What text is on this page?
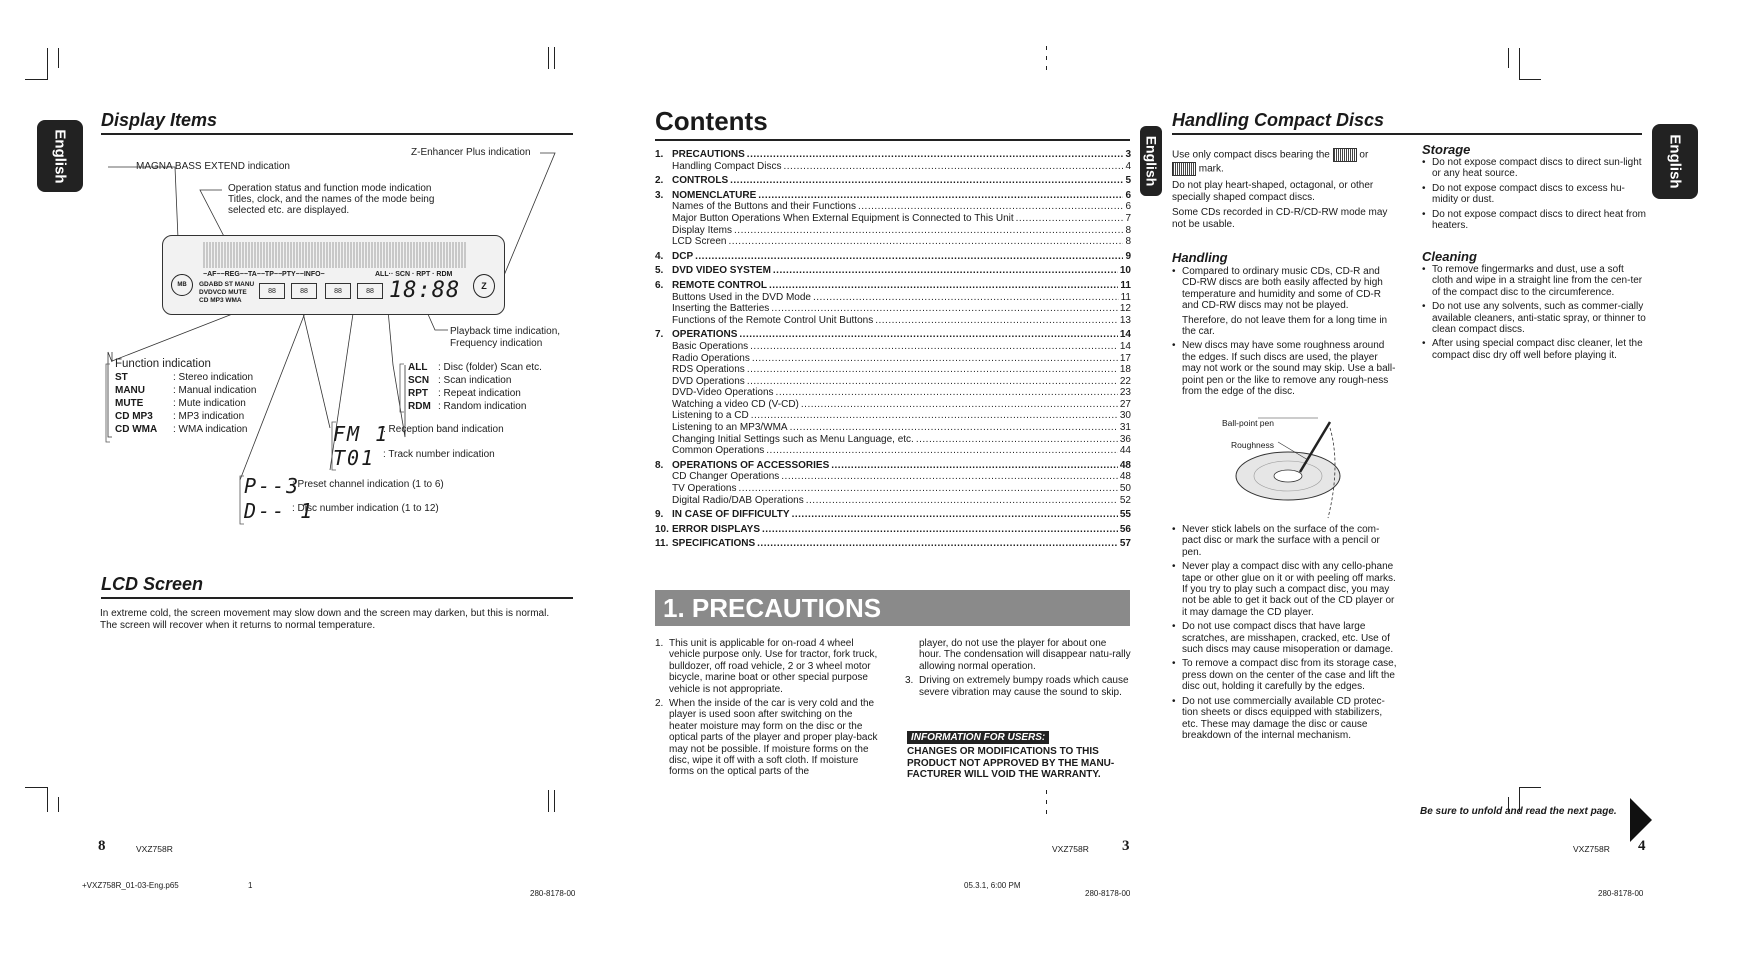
English
Display Items
Z-Enhancer Plus indication
MAGNA BASS EXTEND indication
Operation status and function mode indication
Titles, clock, and the names of the mode being
selected etc. are displayed.
MB	Z
−AF−−REG−−TA−−TP−−PTY−−INFO−	ALL·· SCN · RPT · RDM
GDABD ST MANU
DVDVCD MUTE
CD MP3 WMA
88	88	88	88 18:88
Playback time indication,
Frequency indication
Function indication
ST	: Stereo indication
MANU	: Manual indication
MUTE	: Mute indication
CD MP3	: MP3 indication
CD WMA	: WMA indication
ALL	: Disc (folder) Scan etc.
SCN : Scan indication
RPT	: Repeat indication
RDM : Random indication
FM 1
: Reception band indication
T01 : Track number indication
P--3
: Preset channel indication (1 to 6)
D-- 1
: Disc number indication (1 to 12)
LCD Screen
In extreme cold, the screen movement may slow down and the screen may darken, but this is normal.
The screen will recover when it returns to normal temperature.
8	VXZ758R
+VXZ758R_01-03-Eng.p65	1
Contents
1. PRECAUTIONS .....	3
Handling Compact Discs .....	4
2. CONTROLS .....	5
3. NOMENCLATURE .....	6
Names of the Buttons and their Functions .....	6
Major Button Operations When External Equipment is Connected to This Unit .....	7
Display Items .....	8
LCD Screen .....	8
4. DCP .....	9
5. DVD VIDEO SYSTEM .....	10
6. REMOTE CONTROL .....	11
Buttons Used in the DVD Mode .....	11
Inserting the Batteries .....	12
Functions of the Remote Control Unit Buttons .....	13
7. OPERATIONS .....	14
Basic Operations .....	14
Radio Operations .....	17
RDS Operations .....	18
DVD Operations .....	22
DVD-Video Operations .....	23
Watching a video CD (V-CD) .....	27
Listening to a CD .....	30
Listening to an MP3/WMA .....	31
Changing Initial Settings such as Menu Language, etc. .....	36
Common Operations .....	44
8. OPERATIONS OF ACCESSORIES .....	48
CD Changer Operations .....	48
TV Operations .....	50
Digital Radio/DAB Operations .....	52
9. IN CASE OF DIFFICULTY .....	55
10. ERROR DISPLAYS .....	56
11. SPECIFICATIONS .....	57
1. PRECAUTIONS
1. This unit is applicable for on-road 4 wheel vehicle purpose only. Use for tractor, fork truck, bulldozer, off road vehicle, 2 or 3 wheel motor bicycle, marine boat or other special purpose vehicle is not appropriate.
2. When the inside of the car is very cold and the player is used soon after switching on the heater moisture may form on the disc or the optical parts of the player and proper play-back may not be possible. If moisture forms on the disc, wipe it off with a soft cloth. If moisture forms on the optical parts of the
player, do not use the player for about one hour. The condensation will disappear natu-rally allowing normal operation.
3. Driving on extremely bumpy roads which cause severe vibration may cause the sound to skip.
INFORMATION FOR USERS:
CHANGES OR MODIFICATIONS TO THIS PRODUCT NOT APPROVED BY THE MANU-FACTURER WILL VOID THE WARRANTY.
VXZ758R 3
05.3.1, 6:00 PM
280-8178-00	280-8178-00
English	English
Handling Compact Discs
Use only compact discs bearing the	or
mark.
Do not play heart-shaped, octagonal, or other specially shaped compact discs.
Some CDs recorded in CD-R/CD-RW mode may not be usable.
Handling
• Compared to ordinary music CDs, CD-R and CD-RW discs are both easily affected by high temperature and humidity and some of CD-R and CD-RW discs may not be played.
Therefore, do not leave them for a long time in the car.
• New discs may have some roughness around the edges. If such discs are used, the player may not work or the sound may skip. Use a ball-point pen or the like to remove any rough-ness from the edge of the disc.
Ball-point pen
Roughness
• Never stick labels on the surface of the com-pact disc or mark the surface with a pencil or pen.
• Never play a compact disc with any cello-phane tape or other glue on it or with peeling off marks. If you try to play such a compact disc, you may not be able to get it back out of the CD player or it may damage the CD player.
• Do not use compact discs that have large scratches, are misshapen, cracked, etc. Use of such discs may cause misoperation or damage.
• To remove a compact disc from its storage case, press down on the center of the case and lift the disc out, holding it carefully by the edges.
• Do not use commercially available CD protec-tion sheets or discs equipped with stabilizers, etc. These may damage the disc or cause breakdown of the internal mechanism.
Storage
• Do not expose compact discs to direct sun-light or any heat source.
• Do not expose compact discs to excess hu-midity or dust.
• Do not expose compact discs to direct heat from heaters.
Cleaning
• To remove fingermarks and dust, use a soft cloth and wipe in a straight line from the cen-ter of the compact disc to the circumference.
• Do not use any solvents, such as commer-cially available cleaners, anti-static spray, or thinner to clean compact discs.
• After using special compact disc cleaner, let the compact disc dry off well before playing it.
Be sure to unfold and read the next page.
VXZ758R 4
280-8178-00
